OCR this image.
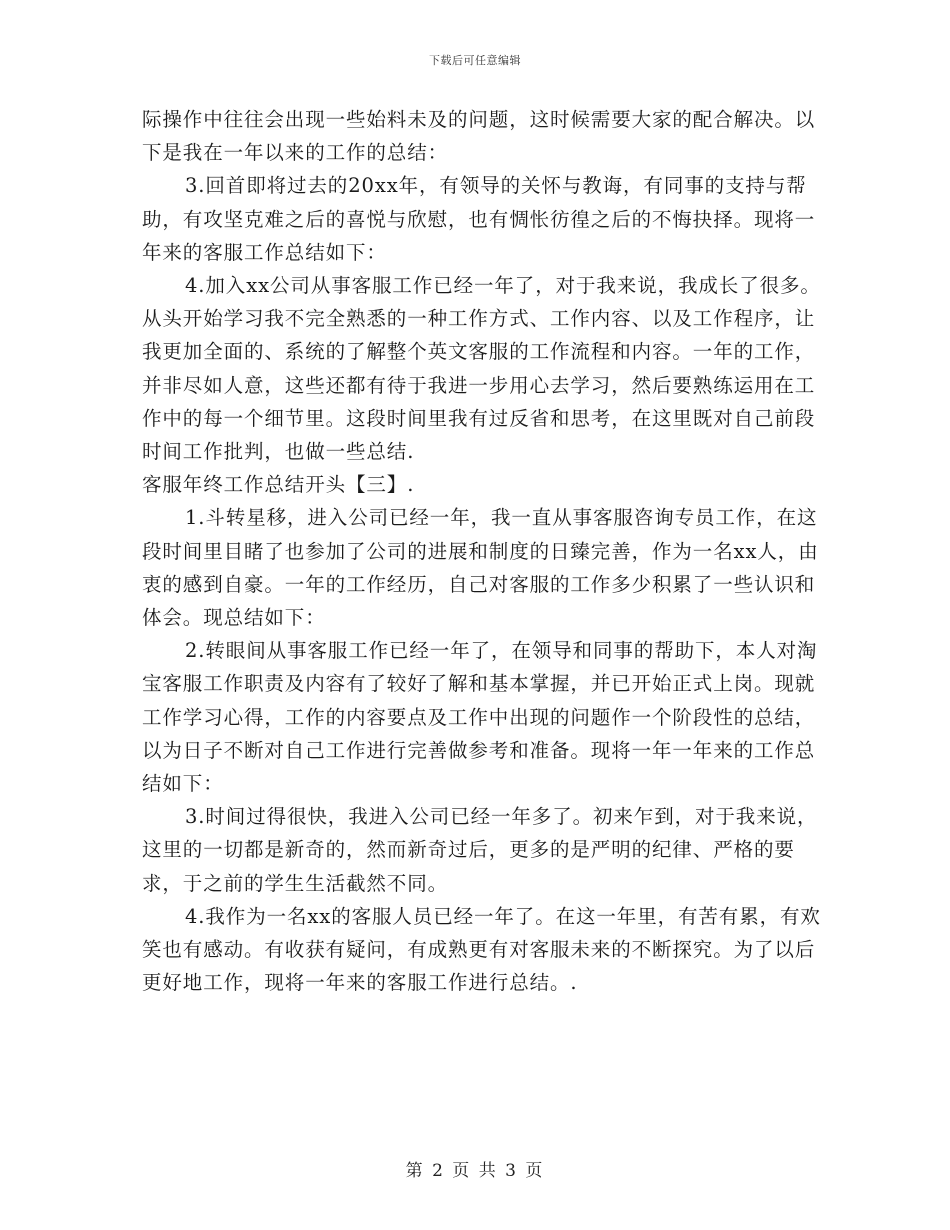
下载后可任意编辑

际操作中往往会出现一些始料未及的问题，这时候需要大家的配合解决。以下是我在一年以来的工作的总结：

3.回首即将过去的20xx年，有领导的关怀与教诲，有同事的支持与帮助，有攻坚克难之后的喜悦与欣慰，也有惆怅彷徨之后的不悔抉择。现将一年来的客服工作总结如下：

4.加入xx公司从事客服工作已经一年了，对于我来说，我成长了很多。从头开始学习我不完全熟悉的一种工作方式、工作内容、以及工作程序，让我更加全面的、系统的了解整个英文客服的工作流程和内容。一年的工作，并非尽如人意，这些还都有待于我进一步用心去学习，然后要熟练运用在工作中的每一个细节里。这段时间里我有过反省和思考，在这里既对自己前段时间工作批判，也做一些总结.

客服年终工作总结开头【三】.

1.斗转星移，进入公司已经一年，我一直从事客服咨询专员工作，在这段时间里目睹了也参加了公司的进展和制度的日臻完善，作为一名xx人，由衷的感到自豪。一年的工作经历，自己对客服的工作多少积累了一些认识和体会。现总结如下：

2.转眼间从事客服工作已经一年了，在领导和同事的帮助下，本人对淘宝客服工作职责及内容有了较好了解和基本掌握，并已开始正式上岗。现就工作学习心得，工作的内容要点及工作中出现的问题作一个阶段性的总结，以为日子不断对自己工作进行完善做参考和准备。现将一年一年来的工作总结如下：

3.时间过得很快，我进入公司已经一年多了。初来乍到，对于我来说，这里的一切都是新奇的，然而新奇过后，更多的是严明的纪律、严格的要求，于之前的学生生活截然不同。

4.我作为一名xx的客服人员已经一年了。在这一年里，有苦有累，有欢笑也有感动。有收获有疑问，有成熟更有对客服未来的不断探究。为了以后更好地工作，现将一年来的客服工作进行总结。.

第 2 页 共 3 页
